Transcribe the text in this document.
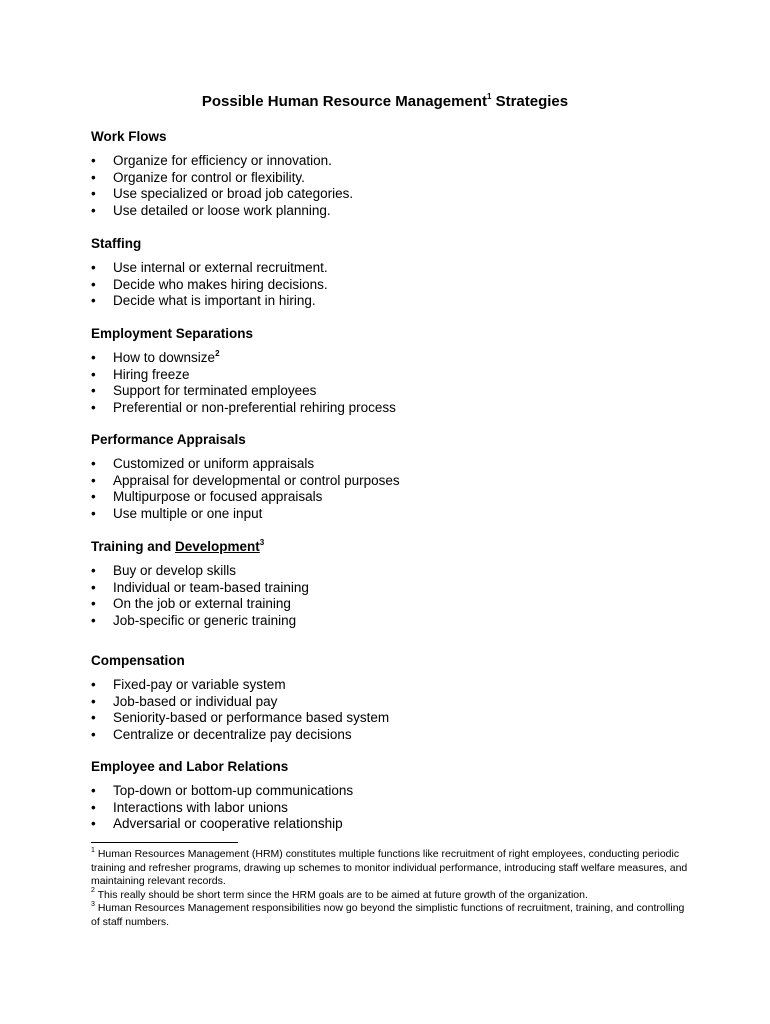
Possible Human Resource Management$^1$ Strategies

Work Flows

•	Organize for efficiency or innovation.
•	Organize for control or flexibility.
•	Use specialized or broad job categories.
•	Use detailed or loose work planning.

Staffing

•	Use internal or external recruitment.
•	Decide who makes hiring decisions.
•	Decide what is important in hiring.

Employment Separations

•	How to downsize$^2$
•	Hiring freeze
•	Support for terminated employees
•	Preferential or non-preferential rehiring process

Performance Appraisals

•	Customized or uniform appraisals
•	Appraisal for developmental or control purposes
•	Multipurpose or focused appraisals
•	Use multiple or one input

Training and Development$^3$

•	Buy or develop skills
•	Individual or team-based training
•	On the job or external training
•	Job-specific or generic training

Compensation

•	Fixed-pay or variable system
•	Job-based or individual pay
•	Seniority-based or performance based system
•	Centralize or decentralize pay decisions

Employee and Labor Relations

•	Top-down or bottom-up communications
•	Interactions with labor unions
•	Adversarial or cooperative relationship

$^1$ Human Resources Management (HRM) constitutes multiple functions like recruitment of right employees, conducting periodic training and refresher programs, drawing up schemes to monitor individual performance, introducing staff welfare measures, and maintaining relevant records.

$^2$ This really should be short term since the HRM goals are to be aimed at future growth of the organization.

$^3$ Human Resources Management responsibilities now go beyond the simplistic functions of recruitment, training, and controlling of staff numbers.
